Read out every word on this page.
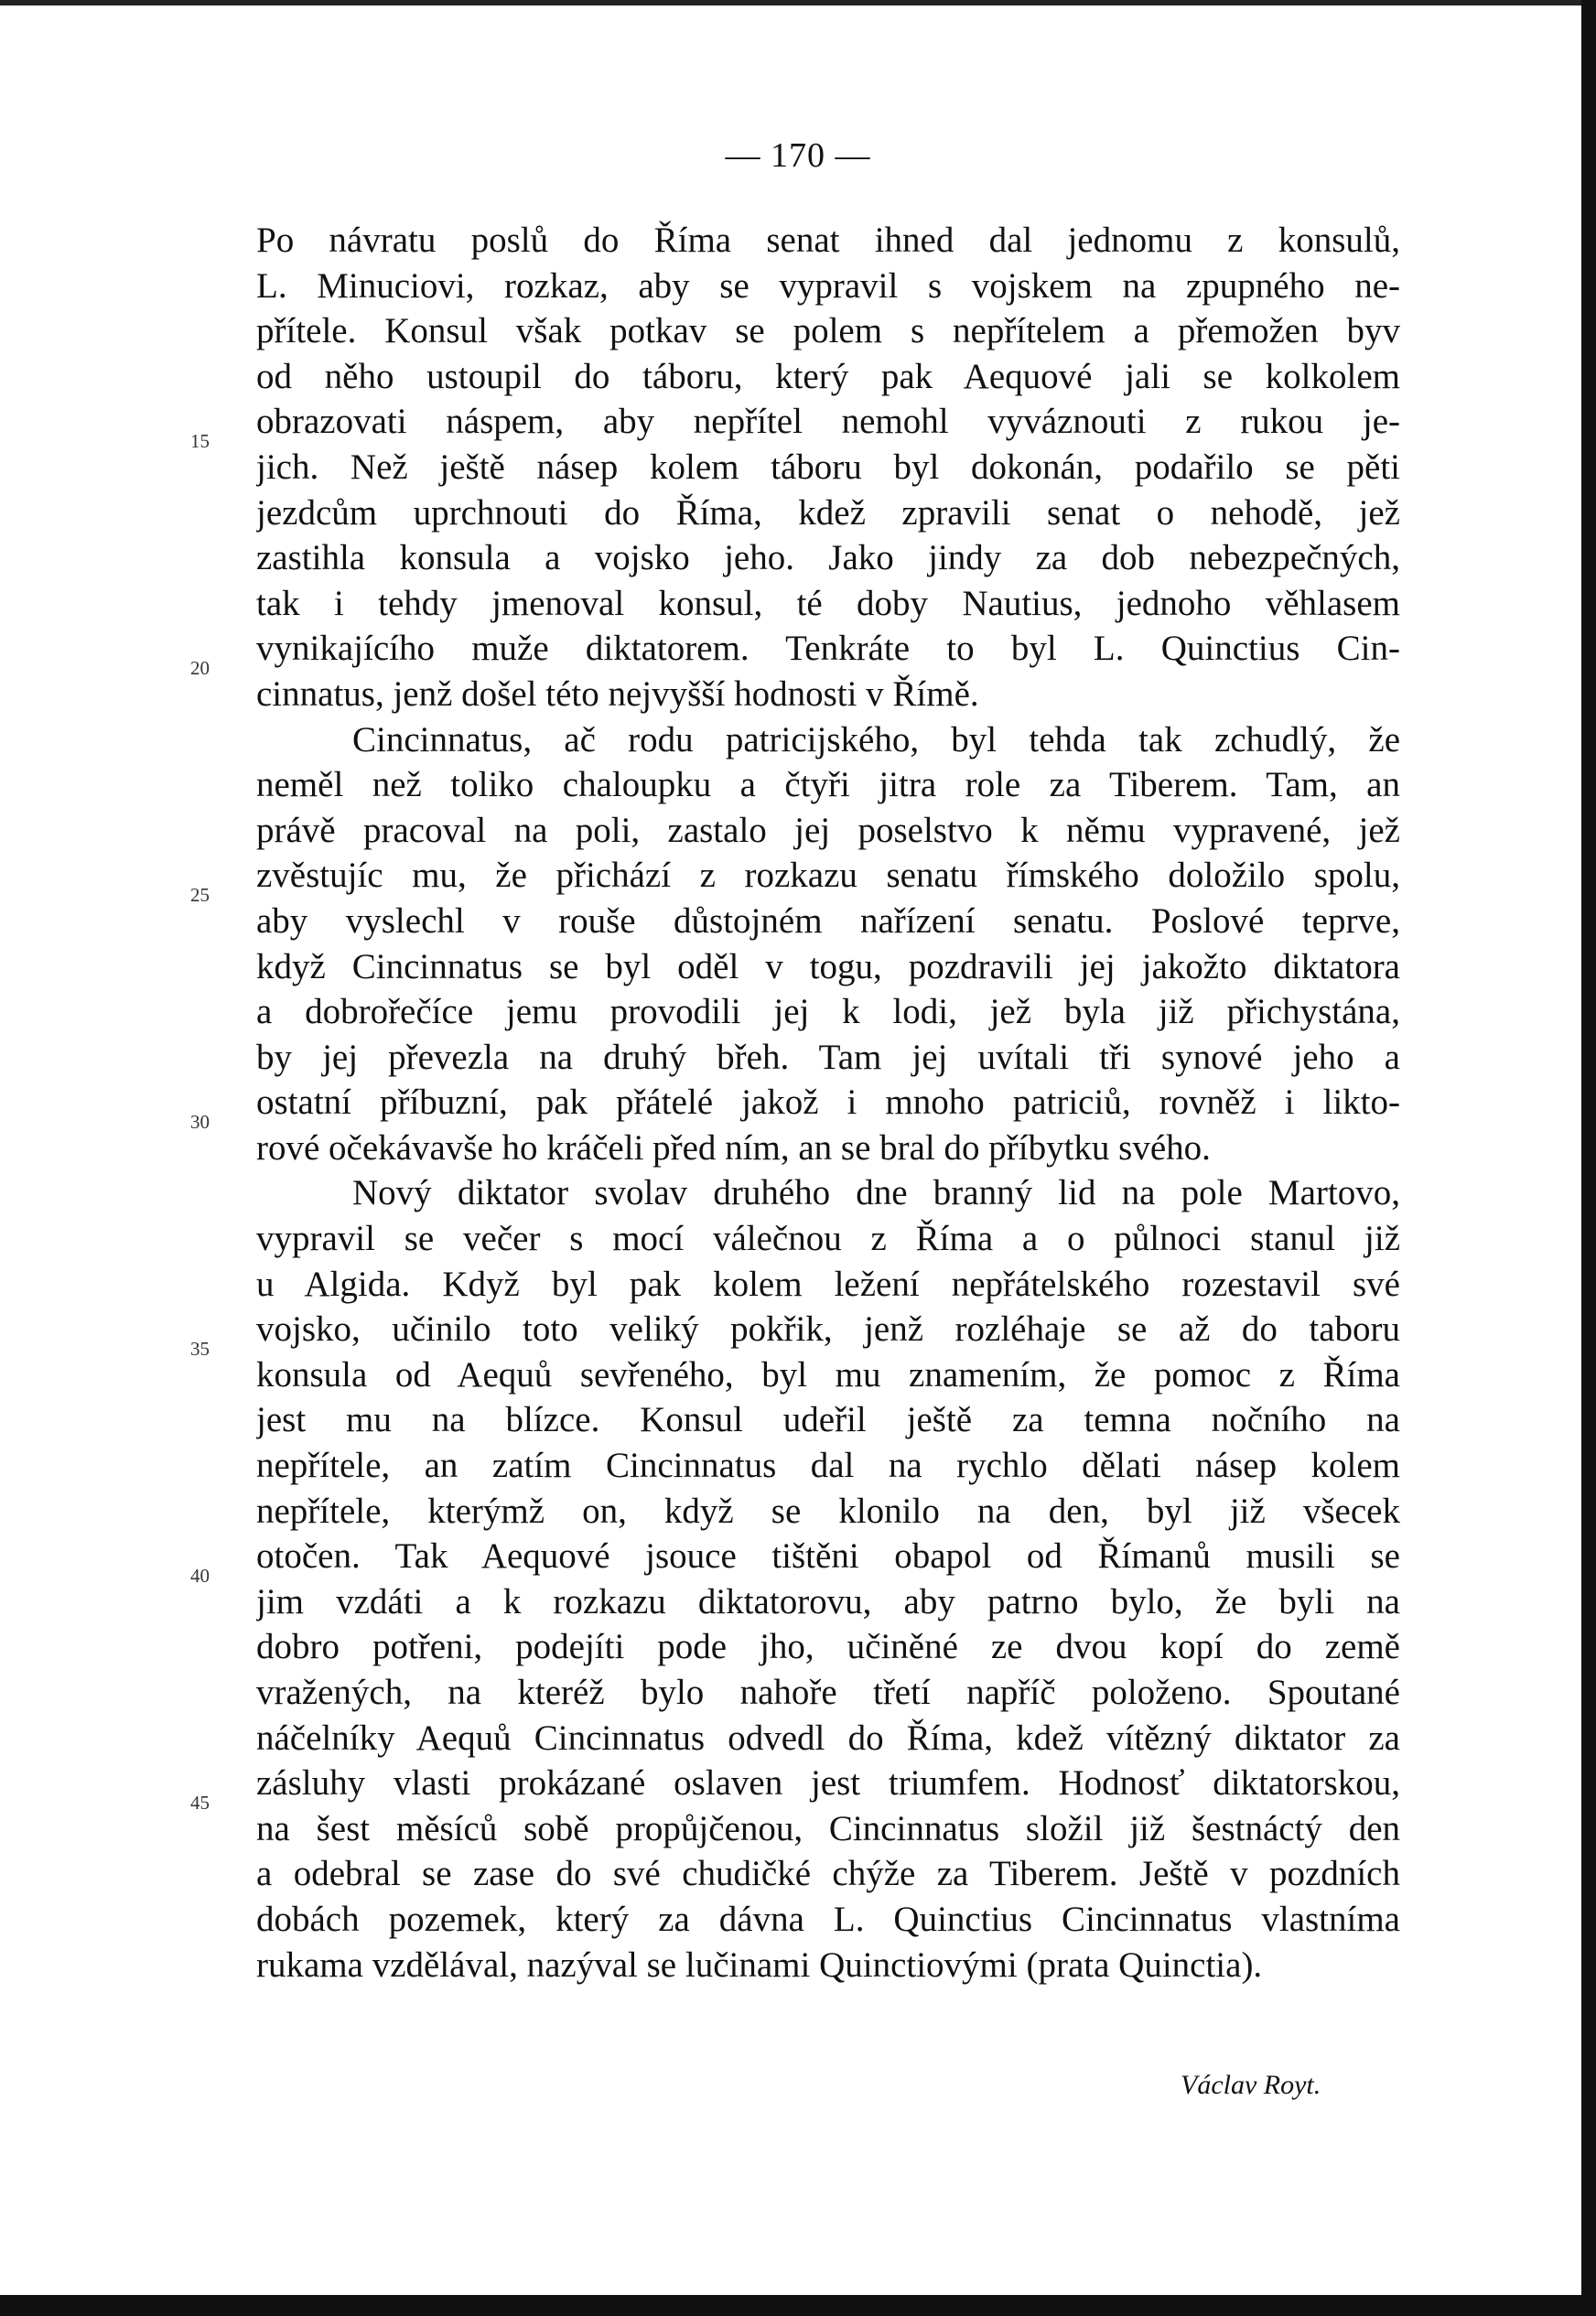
— 170 —
15
20
25
30
35
40
45
Po návratu poslů do Říma senat ihned dal jednomu z konsulů,
L. Minuciovi, rozkaz, aby se vypravil s vojskem na zpupného ne-
přítele. Konsul však potkav se polem s nepřítelem a přemožen byv
od něho ustoupil do táboru, který pak Aequové jali se kolkolem
obrazovati náspem, aby nepřítel nemohl vyváznouti z rukou je-
jich. Než ještě násep kolem táboru byl dokonán, podařilo se pěti
jezdcům uprchnouti do Říma, kdež zpravili senat o nehodě, jež
zastihla konsula a vojsko jeho. Jako jindy za dob nebezpečných,
tak i tehdy jmenoval konsul, té doby Nautius, jednoho věhlasem
vynikajícího muže diktatorem. Tenkráte to byl L. Quinctius Cin-
cinnatus, jenž došel této nejvyšší hodnosti v Římě.
Cincinnatus, ač rodu patricijského, byl tehda tak zchudlý, že
neměl než toliko chaloupku a čtyři jitra role za Tiberem. Tam, an
právě pracoval na poli, zastalo jej poselstvo k němu vypravené, jež
zvěstujíc mu, že přichází z rozkazu senatu římského doložilo spolu,
aby vyslechl v rouše důstojném nařízení senatu. Poslové teprve,
když Cincinnatus se byl oděl v togu, pozdravili jej jakožto diktatora
a dobrořečíce jemu provodili jej k lodi, jež byla již přichystána,
by jej převezla na druhý břeh. Tam jej uvítali tři synové jeho a
ostatní příbuzní, pak přátelé jakož i mnoho patriciů, rovněž i liktо-
rové očekávavše ho kráčeli před ním, an se bral do příbytku svého.
Nový diktator svolav druhého dne branný lid na pole Martovo,
vypravil se večer s mocí válečnou z Říma a o půlnoci stanul již
u Algida. Když byl pak kolem ležení nepřátelského rozestavil své
vojsko, učinilo toto veliký pokřik, jenž rozléhaje se až do taboru
konsula od Aequů sevřeného, byl mu znamením, že pomoc z Říma
jest mu na blízce. Konsul udeřil ještě za temna nočního na
nepřítele, an zatím Cincinnatus dal na rychlo dělati násep kolem
nepřítele, kterýmž on, když se klonilo na den, byl již všecek
otočen. Tak Aequové jsouce tištěni obapol od Římanů musili se
jim vzdáti a k rozkazu diktatorovu, aby patrno bylo, že byli na
dobro potřeni, podejíti pode jho, učiněné ze dvou kopí do země
vražených, na kteréž bylo nahoře třetí napříč položeno. Spoutané
náčelníky Aequů Cincinnatus odvedl do Říma, kdež vítězný diktator za
zásluhy vlasti prokázané oslaven jest triumfem. Hodnosť diktatorskou,
na šest měsíců sobě propůjčenou, Cincinnatus složil již šestnáctý den
a odebral se zase do své chudičké chýže za Tiberem. Ještě v pozdních
dobách pozemek, který za dávna L. Quinctius Cincinnatus vlastníma
rukama vzdělával, nazýval se lučinami Quinctiovými (prata Quinctia).
Václav Royt.
